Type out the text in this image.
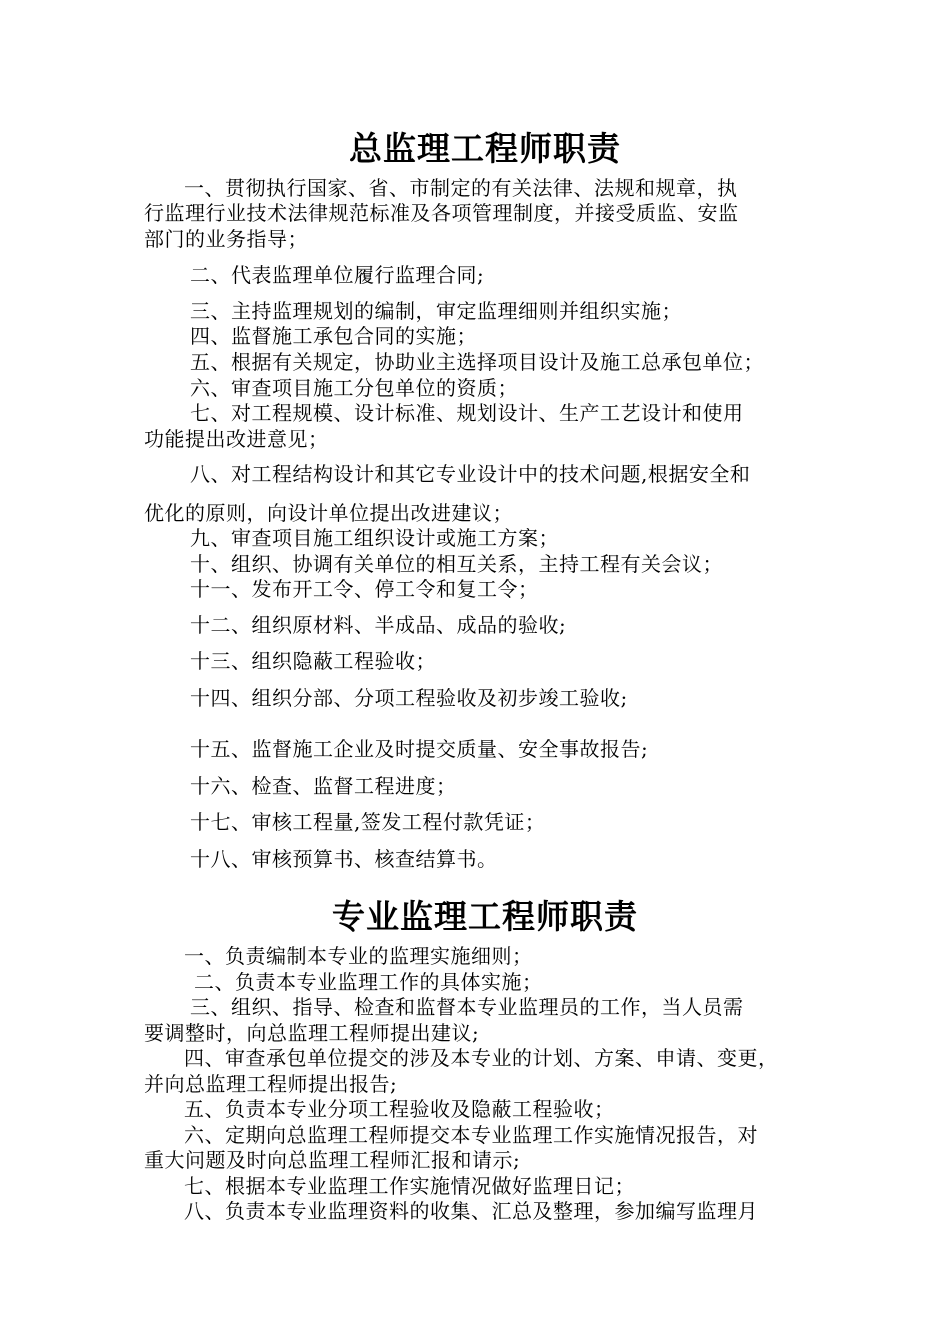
总监理工程师职责
一、贯彻执行国家、省、市制定的有关法律、法规和规章，执
行监理行业技术法律规范标准及各项管理制度，并接受质监、安监
部门的业务指导；
二、代表监理单位履行监理合同;
三、主持监理规划的编制，审定监理细则并组织实施；
四、监督施工承包合同的实施；
五、根据有关规定，协助业主选择项目设计及施工总承包单位；
六、审查项目施工分包单位的资质；
七、对工程规模、设计标准、规划设计、生产工艺设计和使用
功能提出改进意见；
八、对工程结构设计和其它专业设计中的技术问题,根据安全和
优化的原则，向设计单位提出改进建议；
九、审查项目施工组织设计或施工方案；
十、组织、协调有关单位的相互关系，主持工程有关会议；
十一、发布开工令、停工令和复工令；
十二、组织原材料、半成品、成品的验收;
十三、组织隐蔽工程验收；
十四、组织分部、分项工程验收及初步竣工验收;
十五、监督施工企业及时提交质量、安全事故报告;
十六、检查、监督工程进度；
十七、审核工程量,签发工程付款凭证；
十八、审核预算书、核查结算书。
专业监理工程师职责
一、负责编制本专业的监理实施细则；
二、负责本专业监理工作的具体实施；
三、组织、指导、检查和监督本专业监理员的工作，当人员需
要调整时，向总监理工程师提出建议;
四、审查承包单位提交的涉及本专业的计划、方案、申请、变更，
并向总监理工程师提出报告;
五、负责本专业分项工程验收及隐蔽工程验收；
六、定期向总监理工程师提交本专业监理工作实施情况报告，对
重大问题及时向总监理工程师汇报和请示;
七、根据本专业监理工作实施情况做好监理日记；
八、负责本专业监理资料的收集、汇总及整理，参加编写监理月
